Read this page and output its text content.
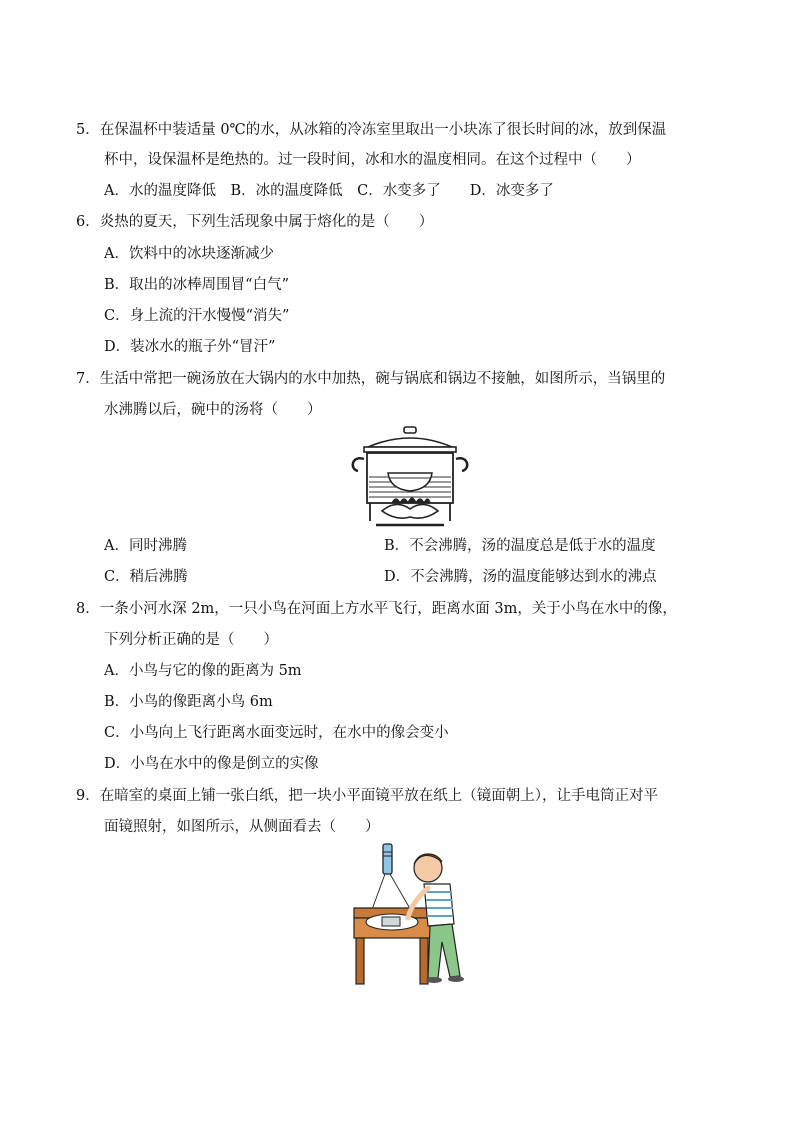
5．在保温杯中装适量 0℃的水，从冰箱的冷冻室里取出一小块冻了很长时间的冰，放到保温
杯中，设保温杯是绝热的。过一段时间，冰和水的温度相同。在这个过程中（　　）
A．水的温度降低　B．冰的温度降低　C．水变多了　　D．冰变多了
6．炎热的夏天，下列生活现象中属于熔化的是（　　）
A．饮料中的冰块逐渐减少
B．取出的冰棒周围冒“白气”
C．身上流的汗水慢慢“消失”
D．装冰水的瓶子外“冒汗”
7．生活中常把一碗汤放在大锅内的水中加热，碗与锅底和锅边不接触，如图所示，当锅里的
水沸腾以后，碗中的汤将（　　）
A．同时沸腾	B．不会沸腾，汤的温度总是低于水的温度
C．稍后沸腾	D．不会沸腾，汤的温度能够达到水的沸点
8．一条小河水深 2m，一只小鸟在河面上方水平飞行，距离水面 3m，关于小鸟在水中的像，
下列分析正确的是（　　）
A．小鸟与它的像的距离为 5m
B．小鸟的像距离小鸟 6m
C．小鸟向上飞行距离水面变远时，在水中的像会变小
D．小鸟在水中的像是倒立的实像
9．在暗室的桌面上铺一张白纸，把一块小平面镜平放在纸上（镜面朝上），让手电筒正对平
面镜照射，如图所示，从侧面看去（　　）
